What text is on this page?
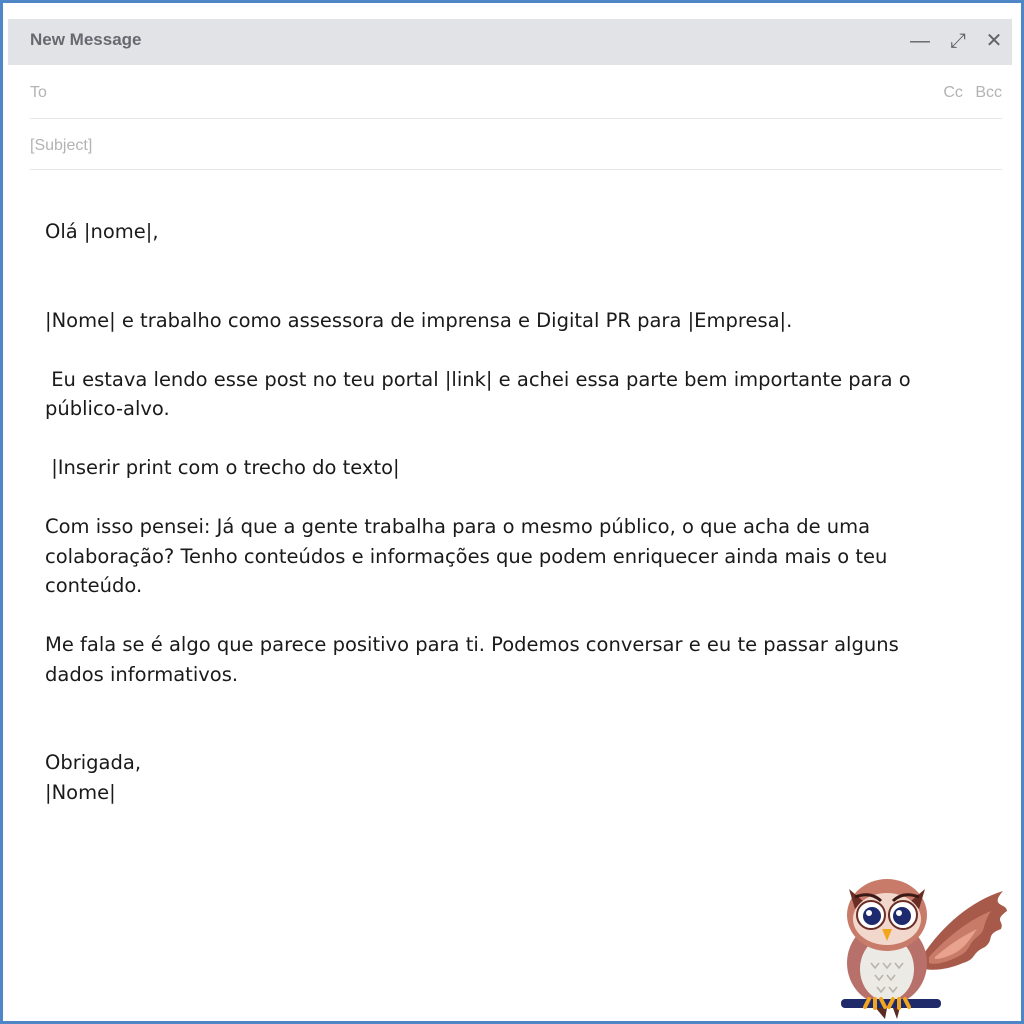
New Message	— ⤢ ✕
To	Cc Bcc
[Subject]

Olá |nome|,

|Nome| e trabalho como assessora de imprensa e Digital PR para |Empresa|.

Eu estava lendo esse post no teu portal |link| e achei essa parte bem importante para o público-alvo.

|Inserir print com o trecho do texto|

Com isso pensei: Já que a gente trabalha para o mesmo público, o que acha de uma colaboração? Tenho conteúdos e informações que podem enriquecer ainda mais o teu conteúdo.

Me fala se é algo que parece positivo para ti. Podemos conversar e eu te passar alguns dados informativos.

Obrigada,

|Nome|
